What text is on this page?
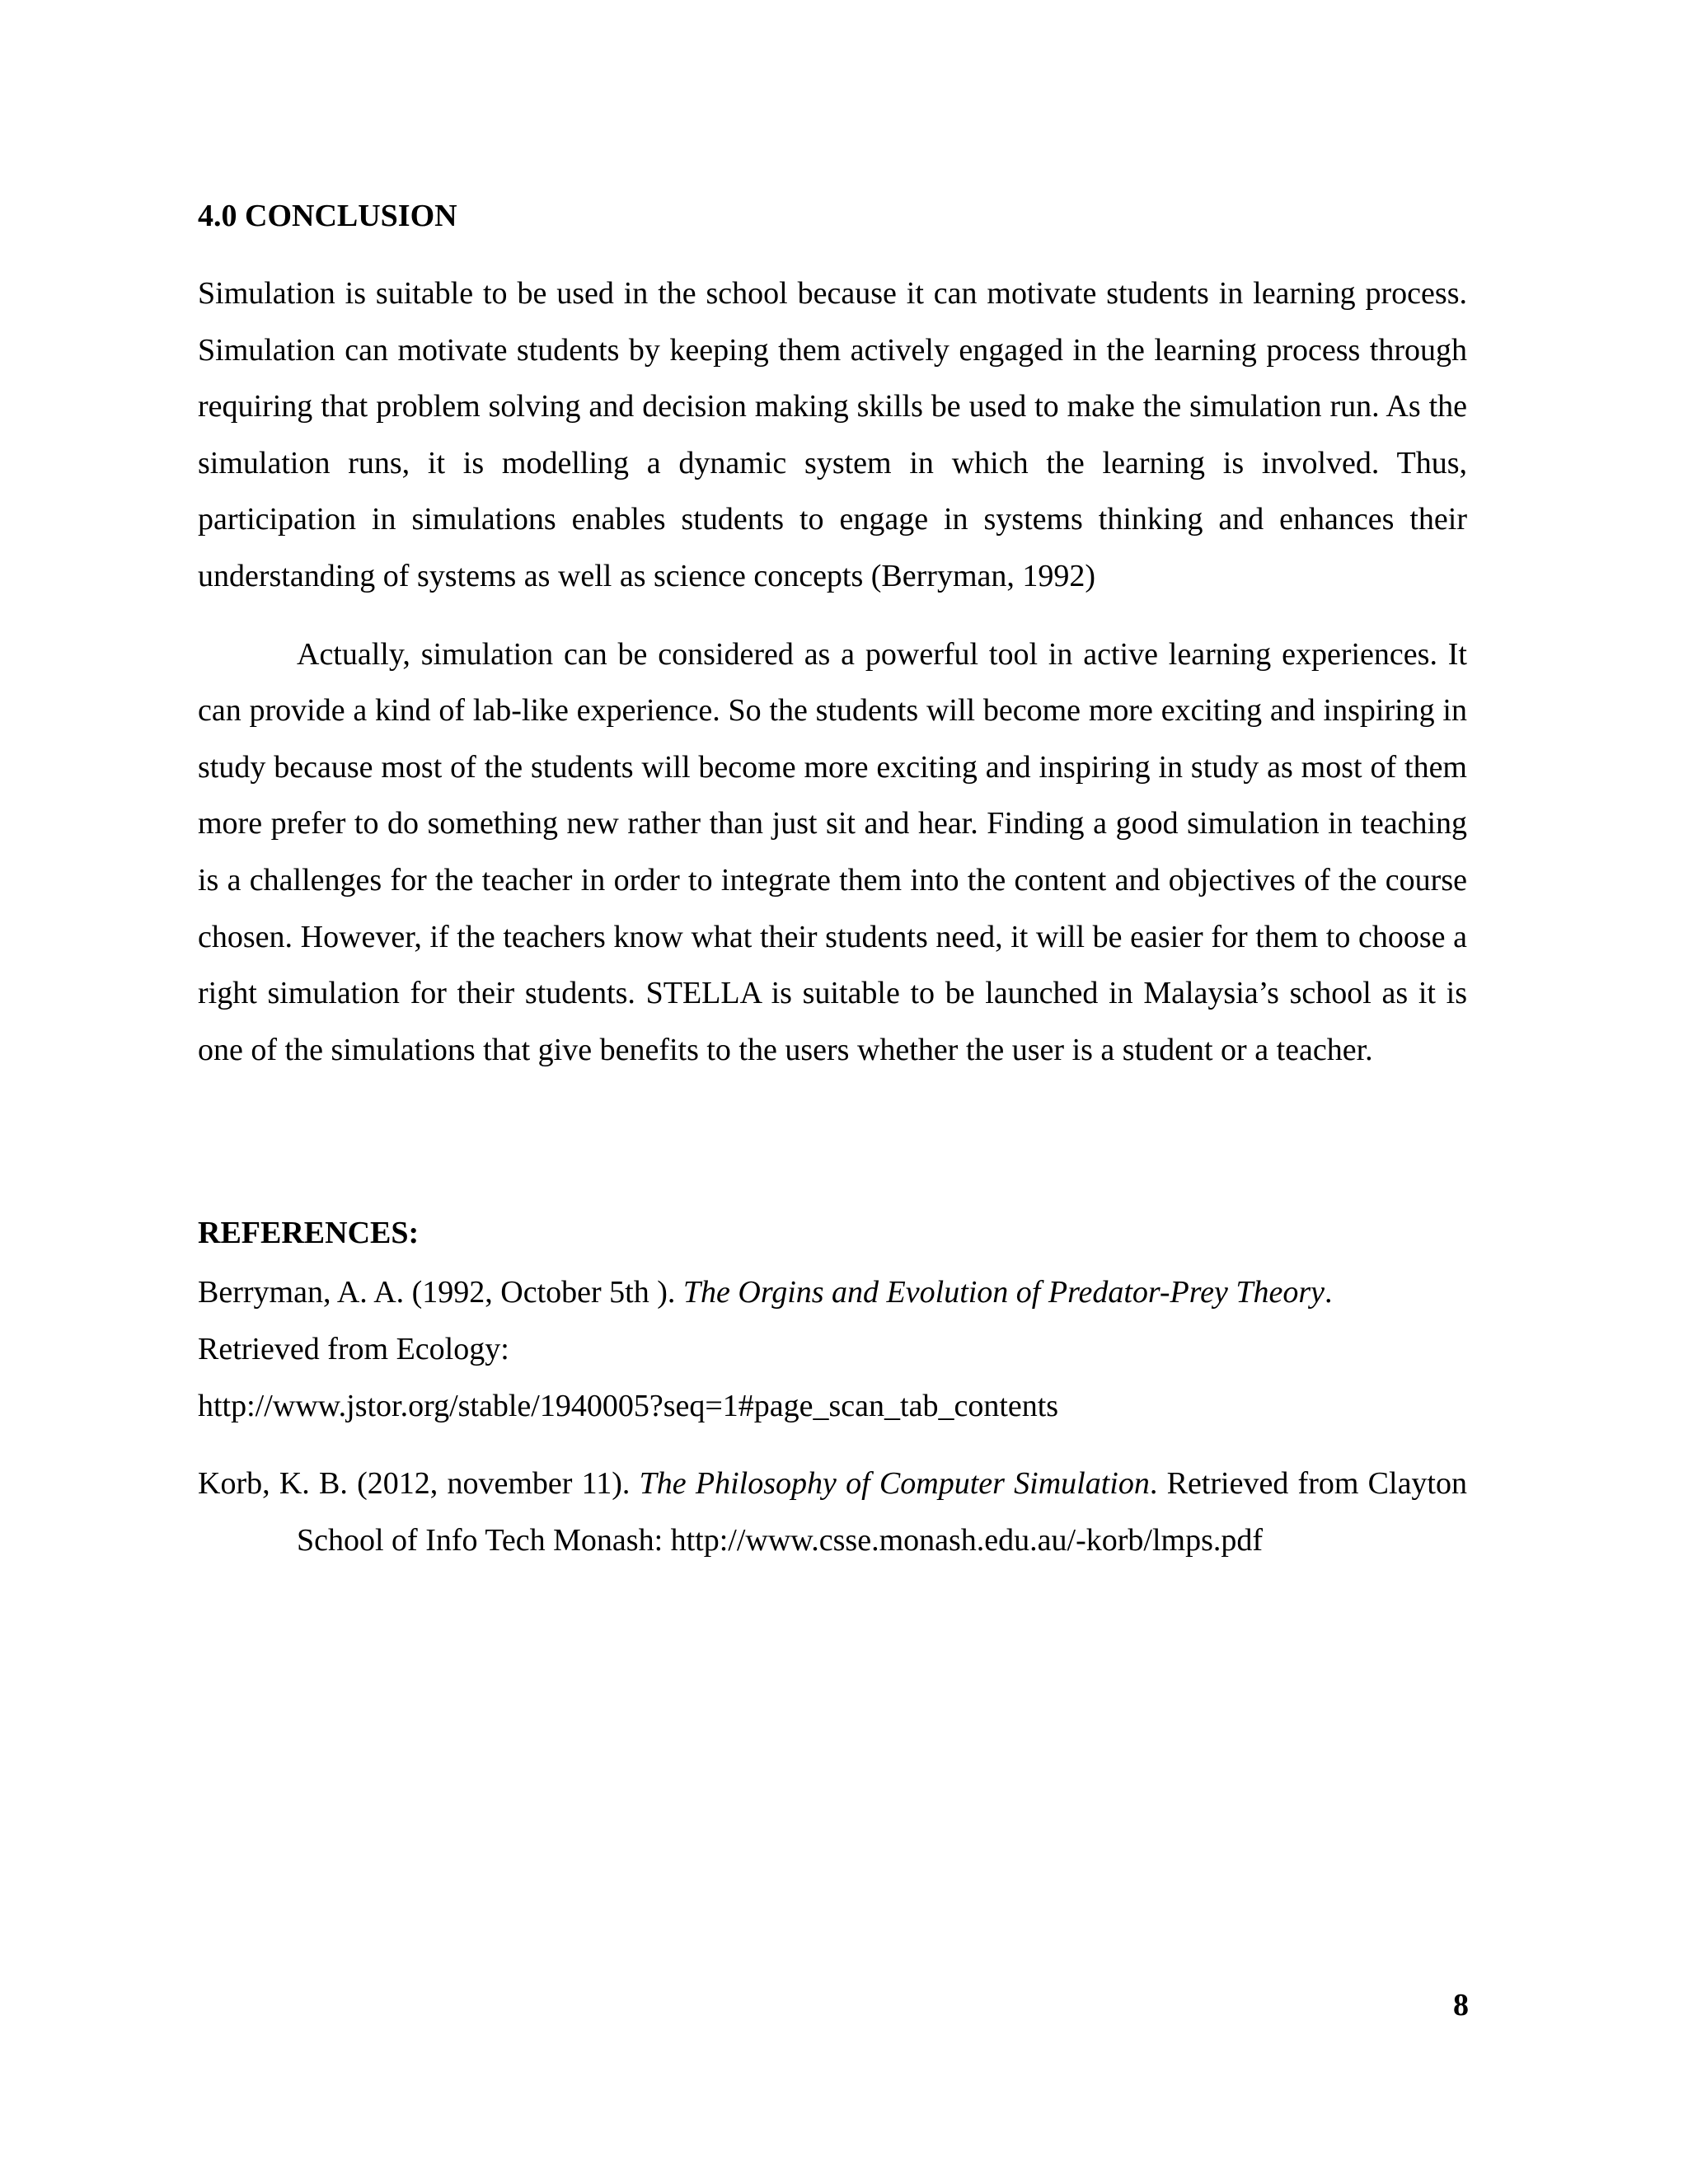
4.0 CONCLUSION

Simulation is suitable to be used in the school because it can motivate students in learning process. Simulation can motivate students by keeping them actively engaged in the learning process through requiring that problem solving and decision making skills be used to make the simulation run. As the simulation runs, it is modelling a dynamic system in which the learning is involved. Thus, participation in simulations enables students to engage in systems thinking and enhances their understanding of systems as well as science concepts (Berryman, 1992)

Actually, simulation can be considered as a powerful tool in active learning experiences. It can provide a kind of lab-like experience. So the students will become more exciting and inspiring in study because most of the students will become more exciting and inspiring in study as most of them more prefer to do something new rather than just sit and hear. Finding a good simulation in teaching is a challenges for the teacher in order to integrate them into the content and objectives of the course chosen. However, if the teachers know what their students need, it will be easier for them to choose a right simulation for their students. STELLA is suitable to be launched in Malaysia’s school as it is one of the simulations that give benefits to the users whether the user is a student or a teacher.

REFERENCES:

Berryman, A. A. (1992, October 5th ). The Orgins and Evolution of Predator-Prey Theory.
Retrieved from Ecology:
http://www.jstor.org/stable/1940005?seq=1#page_scan_tab_contents

Korb, K. B. (2012, november 11). The Philosophy of Computer Simulation. Retrieved from Clayton School of Info Tech Monash: http://www.csse.monash.edu.au/-korb/lmps.pdf

8
